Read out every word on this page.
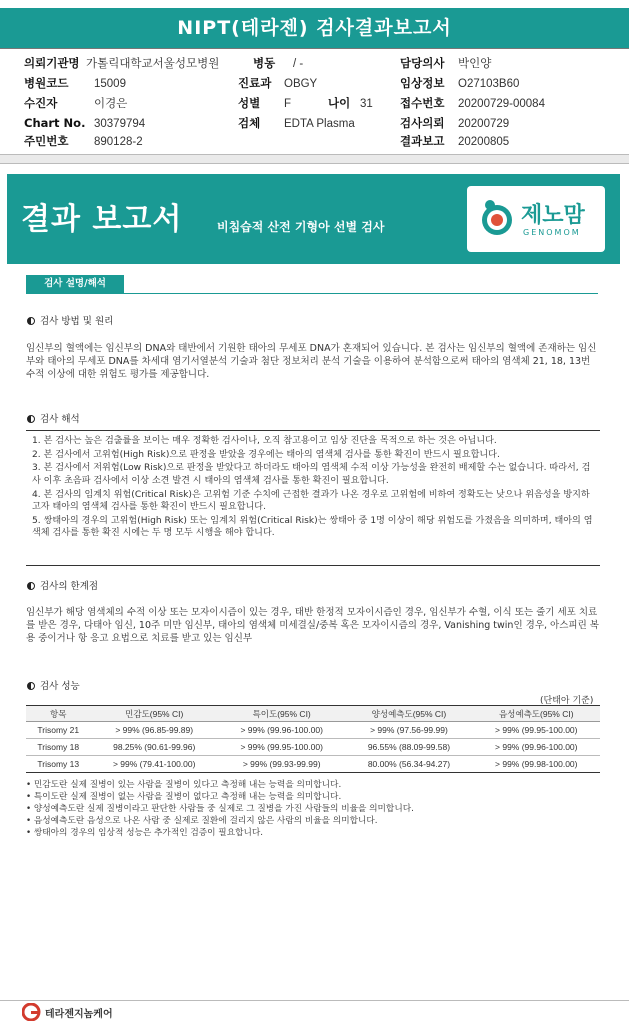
NIPT(테라젠) 검사결과보고서
의뢰기관명 가톨릭대학교서울성모병원
병원코드 15009
수진자	이경은
Chart No. 30379794
주민번호 890128-2
병동 / -
진료과 OBGY
성별 F	나이 31
검체 EDTA Plasma
담당의사 박인양
임상정보 O27103B60
접수번호 20200729-00084
검사의뢰 20200729
결과보고 20200805
결과 보고서	비침습적 산전 기형아 선별 검사	제노맘
GENOMOM
검사 설명/해석
검사 방법 및 원리
임신부의 혈액에는 임신부의 DNA와 태반에서 기원한 태아의 무세포 DNA가 혼재되어 있습니다. 본 검사는 임신부의 혈액에 존재하는 임신부와 태아의 무세포 DNA를 차세대 염기서열분석 기술과 첨단 정보처리 분석 기술을 이용하여 분석함으로써 태아의 염색체 21, 18, 13번 수적 이상에 대한 위험도 평가를 제공합니다.
검사 해석
1. 본 검사는 높은 검출률을 보이는 매우 정확한 검사이나, 오직 참고용이고 임상 진단을 목적으로 하는 것은 아닙니다.
2. 본 검사에서 고위험(High Risk)으로 판정을 받았을 경우에는 태아의 염색체 검사를 통한 확진이 반드시 필요합니다.
3. 본 검사에서 저위험(Low Risk)으로 판정을 받았다고 하더라도 태아의 염색체 수적 이상 가능성을 완전히 배제할 수는 없습니다. 따라서, 검사 이후 초음파 검사에서 이상 소견 발견 시 태아의 염색체 검사를 통한 확진이 필요합니다.
4. 본 검사의 임계치 위험(Critical Risk)은 고위험 기준 수치에 근접한 결과가 나온 경우로 고위험에 비하여 정확도는 낮으나 위음성을 방지하고자 태아의 염색체 검사를 통한 확진이 반드시 필요합니다.
5. 쌍태아의 경우의 고위험(High Risk) 또는 임계치 위험(Critical Risk)는 쌍태아 중 1명 이상이 해당 위험도를 가졌음을 의미하며, 태아의 염색체 검사를 통한 확진 시에는 두 명 모두 시행을 해야 합니다.
검사의 한계점
임신부가 해당 염색체의 수적 이상 또는 모자이시즘이 있는 경우, 태반 한정적 모자이시즘인 경우, 임신부가 수혈, 이식 또는 줄기 세포 치료를 받은 경우, 다태아 임신, 10주 미만 임신부, 태아의 염색체 미세결실/중복 혹은 모자이시즘의 경우, Vanishing twin인 경우, 아스피린 복용 중이거나 항 응고 요법으로 치료를 받고 있는 임신부
검사 성능
(단태아 기준)
항목	민감도(95% CI)	특이도(95% CI)	양성예측도(95% CI)	음성예측도(95% CI)
Trisomy 21	> 99% (96.85-99.89)	> 99% (99.96-100.00)	> 99% (97.56-99.99)	> 99% (99.95-100.00)
Trisomy 18	98.25% (90.61-99.96)	> 99% (99.95-100.00)	96.55% (88.09-99.58)	> 99% (99.96-100.00)
Trisomy 13	> 99% (79.41-100.00)	> 99% (99.93-99.99)	80.00% (56.34-94.27)	> 99% (99.98-100.00)
• 민감도란 실제 질병이 있는 사람을 질병이 있다고 측정해 내는 능력을 의미합니다.
• 특이도란 실제 질병이 없는 사람을 질병이 없다고 측정해 내는 능력을 의미합니다.
• 양성예측도란 실제 질병이라고 판단한 사람들 중 실제로 그 질병을 가진 사람들의 비율을 의미합니다.
• 음성예측도란 음성으로 나온 사람 중 실제로 질환에 걸리지 않은 사람의 비율을 의미합니다.
• 쌍태아의 경우의 임상적 성능은 추가적인 검증이 필요합니다.
테라젠지놈케어
